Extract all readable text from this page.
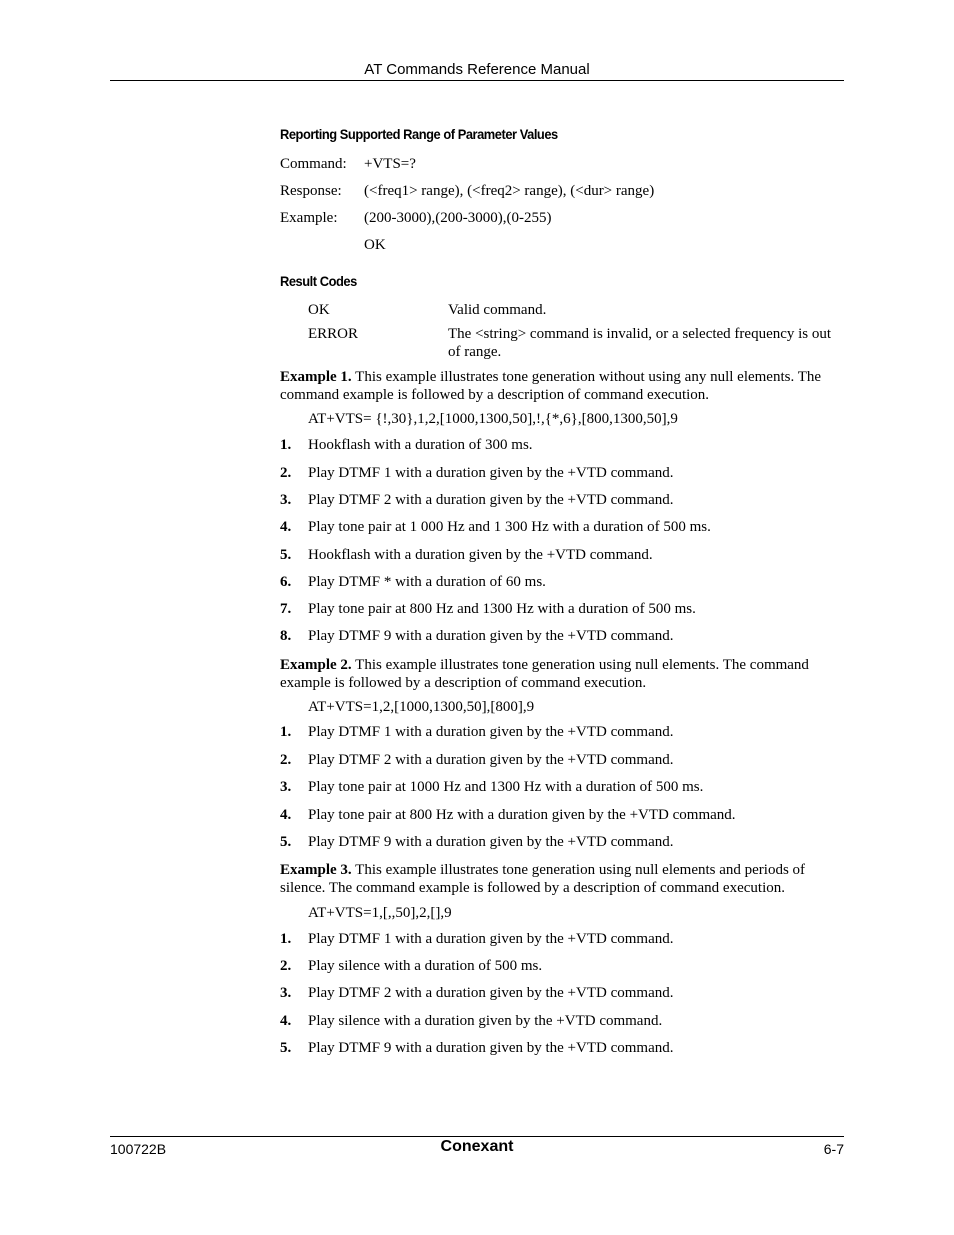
AT Commands Reference Manual
Reporting Supported Range of Parameter Values
Command: +VTS=?
Response: (<freq1> range), (<freq2> range), (<dur> range)
Example: (200-3000),(200-3000),(0-255)
OK
Result Codes
OK	Valid command.
ERROR	The <string> command is invalid, or a selected frequency is out of range.
Example 1. This example illustrates tone generation without using any null elements. The command example is followed by a description of command execution.
AT+VTS= {!,30},1,2,[1000,1300,50],!,{*,6},[800,1300,50],9
1. Hookflash with a duration of 300 ms.
2. Play DTMF 1 with a duration given by the +VTD command.
3. Play DTMF 2 with a duration given by the +VTD command.
4. Play tone pair at 1 000 Hz and 1 300 Hz with a duration of 500 ms.
5. Hookflash with a duration given by the +VTD command.
6. Play DTMF * with a duration of 60 ms.
7. Play tone pair at 800 Hz and 1300 Hz with a duration of 500 ms.
8. Play DTMF 9 with a duration given by the +VTD command.
Example 2. This example illustrates tone generation using null elements. The command example is followed by a description of command execution.
AT+VTS=1,2,[1000,1300,50],[800],9
1. Play DTMF 1 with a duration given by the +VTD command.
2. Play DTMF 2 with a duration given by the +VTD command.
3. Play tone pair at 1000 Hz and 1300 Hz with a duration of 500 ms.
4. Play tone pair at 800 Hz with a duration given by the +VTD command.
5. Play DTMF 9 with a duration given by the +VTD command.
Example 3. This example illustrates tone generation using null elements and periods of silence. The command example is followed by a description of command execution.
AT+VTS=1,[,,50],2,[],9
1. Play DTMF 1 with a duration given by the +VTD command.
2. Play silence with a duration of 500 ms.
3. Play DTMF 2 with a duration given by the +VTD command.
4. Play silence with a duration given by the +VTD command.
5. Play DTMF 9 with a duration given by the +VTD command.
100722B	Conexant	6-7
